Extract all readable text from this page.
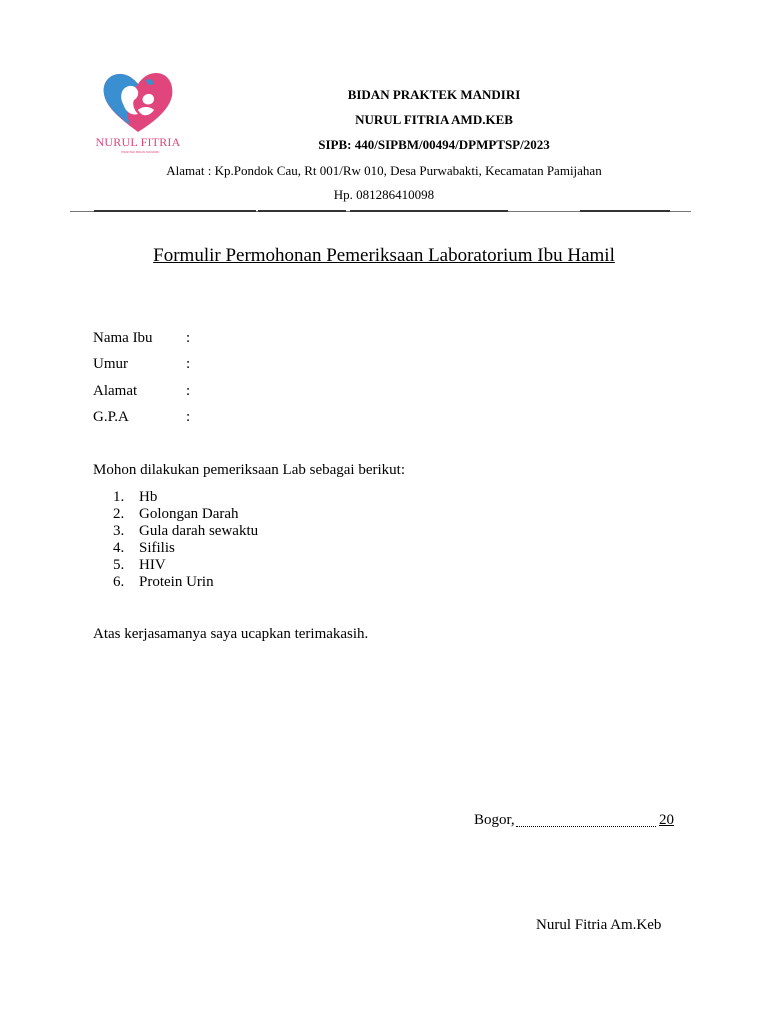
NURUL FITRIA
PRAKTEK BIDAN MANDIRI
BIDAN PRAKTEK MANDIRI
NURUL FITRIA AMD.KEB
SIPB: 440/SIPBM/00494/DPMPTSP/2023
Alamat : Kp.Pondok Cau, Rt 001/Rw 010, Desa Purwabakti, Kecamatan Pamijahan
Hp. 081286410098
Formulir Permohonan Pemeriksaan Laboratorium Ibu Hamil
Nama Ibu :
Umur	:
Alamat	:
G.P.A	:
Mohon dilakukan pemeriksaan Lab sebagai berikut:
1. Hb
2. Golongan Darah
3. Gula darah sewaktu
4. Sifilis
5. HIV
6. Protein Urin
Atas kerjasamanya saya ucapkan terimakasih.
Bogor,	20
Nurul Fitria Am.Keb
